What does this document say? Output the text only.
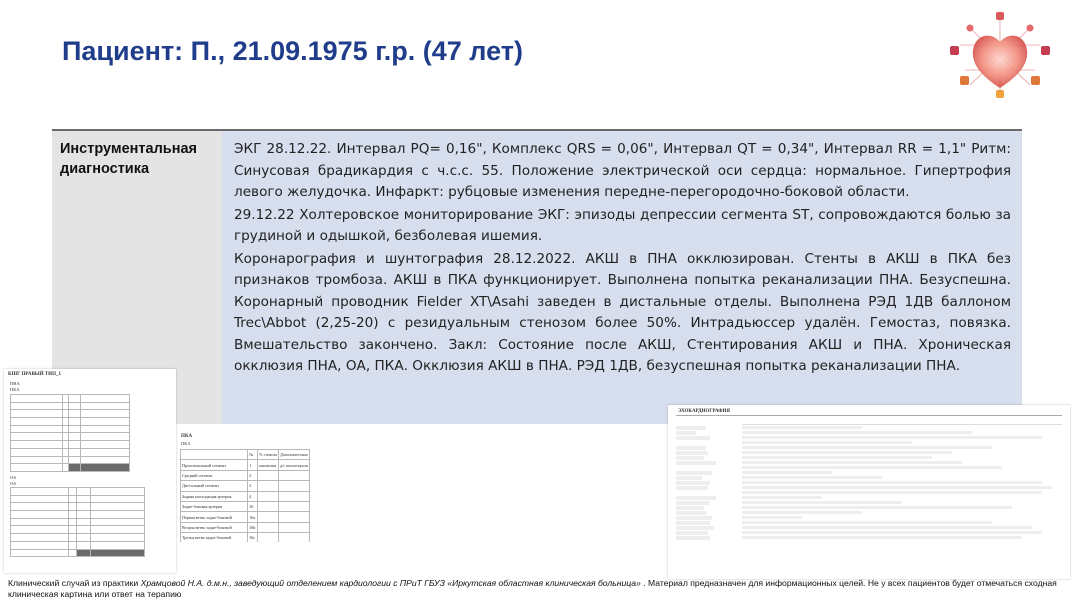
Пациент: П., 21.09.1975 г.р. (47 лет)
Инструментальная диагностика

ЭКГ 28.12.22. Интервал PQ= 0,16", Комплекс QRS = 0,06", Интервал QT = 0,34", Интервал RR = 1,1" Ритм: Синусовая брадикардия с ч.с.с. 55. Положение электрической оси сердца: нормальное. Гипертрофия левого желудочка. Инфаркт: рубцовые изменения передне-перегородочно-боковой области.

29.12.22 Холтеровское мониторирование ЭКГ: эпизоды депрессии сегмента ST, сопровождаются болью за грудиной и одышкой, безболевая ишемия.

Коронарография и шунтография 28.12.2022. АКШ в ПНА окклюзирован. Стенты в АКШ в ПКА без признаков тромбоза. АКШ в ПКА функционирует. Выполнена попытка реканализации ПНА. Безуспешна. Коронарный проводник Fielder XT\Asahi заведен в дистальные отделы. Выполнена РЭД 1ДВ баллоном Trec\Abbot (2,25-20) с резидуальным стенозом более 50%. Интрадьюссер удалён. Гемостаз, повязка. Вмешательство закончено. Закл: Состояние после АКШ, Стентирования АКШ и ПНА. Хроническая окклюзия ПНА, ОА, ПКА. Окклюзия АКШ в ПНА. РЭД 1ДВ, безуспешная попытка реканализации ПНА.

КШГ ПРАВЫЙ ТИП_1
ПНА
ПКА

ОА
ОА

ПКА
ПКА
	№	% стеноза	Дополнительно
Проксимальный сегмент	1	окклюзия	д/с коллатерали
Средний сегмент	2		
Дистальный сегмент	3		
Задняя нисходящая артерия	4		
Задне-боковая артерия	16		
Первая ветвь задне-боковой	16a		
Вторая ветвь задне-боковой	16b		
Третья ветвь задне-боковой	16c		
ЭХОКАРДИОГРАФИЯ
Клинический случай из практики Храмцовой Н.А. д.м.н., заведующий отделением кардиологии с ПРиТ ГБУЗ «Иркутская областная клиническая больница» . Материал предназначен для информационных целей. Не у всех пациентов будет отмечаться сходная клиническая картина или ответ на терапию
